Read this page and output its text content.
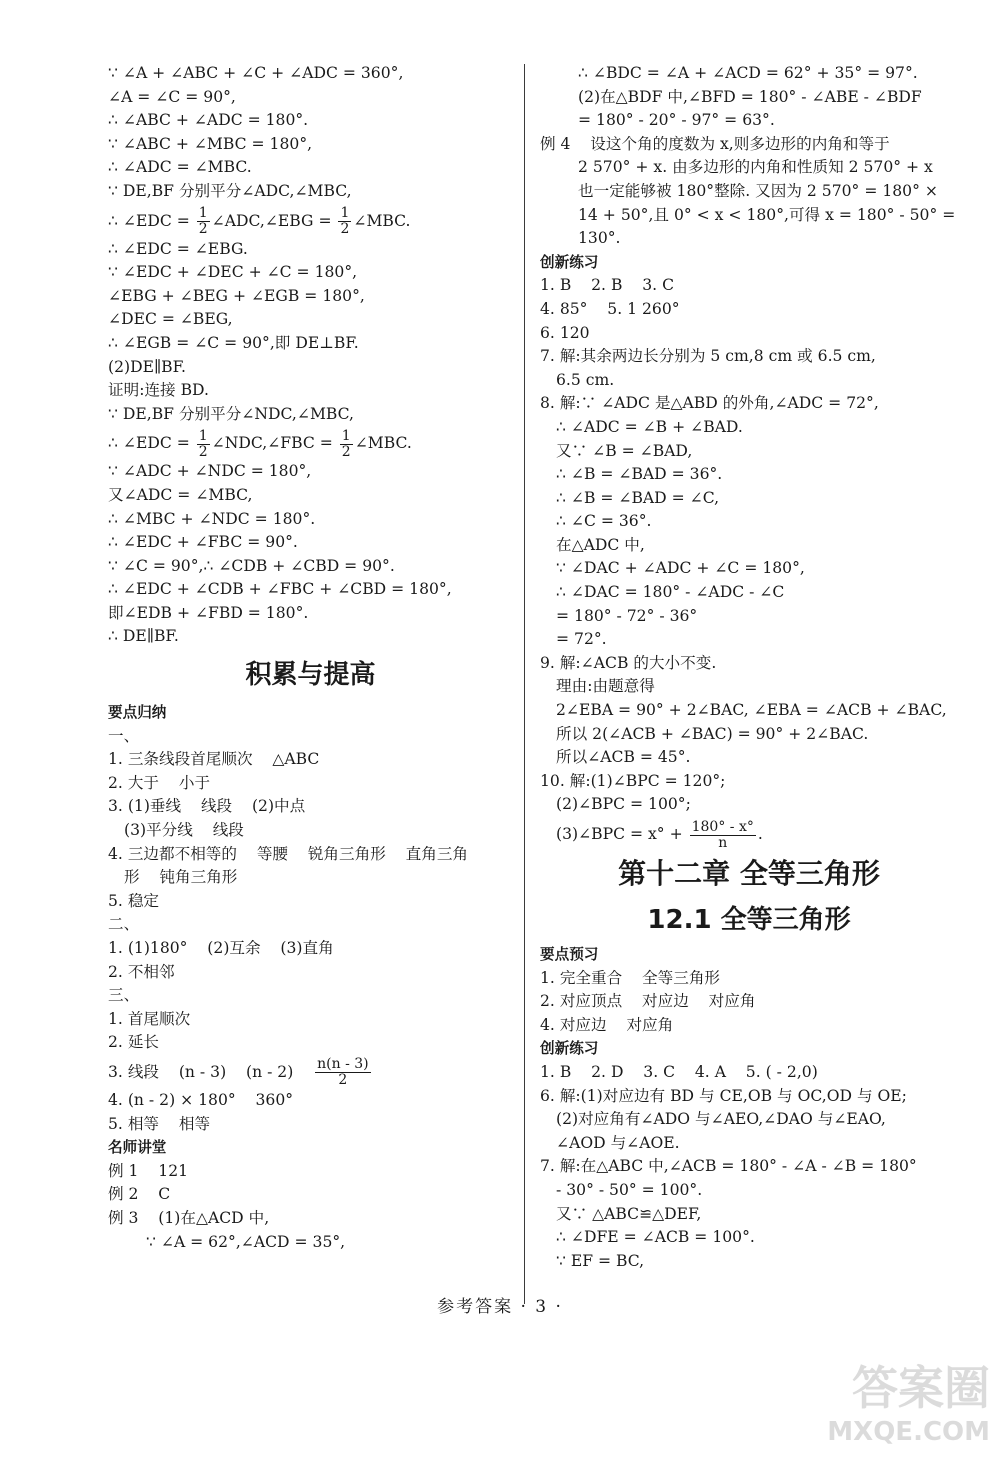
∵ ∠A + ∠ABC + ∠C + ∠ADC = 360°,
∠A = ∠C = 90°,
∴ ∠ABC + ∠ADC = 180°.
∵ ∠ABC + ∠MBC = 180°,
∴ ∠ADC = ∠MBC.
∵ DE,BF 分别平分∠ADC,∠MBC,
∴ ∠EDC = $\frac{1}{2}$ ∠ADC,∠EBG = $\frac{1}{2}$ ∠MBC.
∴ ∠EDC = ∠EBG.
∵ ∠EDC + ∠DEC + ∠C = 180°,
∠EBG + ∠BEG + ∠EGB = 180°,
∠DEC = ∠BEG,
∴ ∠EGB = ∠C = 90°,即 DE⊥BF.
(2)DE∥BF.
证明:连接 BD.
∵ DE,BF 分别平分∠NDC,∠MBC,
∴ ∠EDC = $\frac{1}{2}$ ∠NDC,∠FBC = $\frac{1}{2}$ ∠MBC.
∵ ∠ADC + ∠NDC = 180°,
又∠ADC = ∠MBC,
∴ ∠MBC + ∠NDC = 180°.
∴ ∠EDC + ∠FBC = 90°.
∵ ∠C = 90°,∴ ∠CDB + ∠CBD = 90°.
∴ ∠EDC + ∠CDB + ∠FBC + ∠CBD = 180°,
即∠EDB + ∠FBD = 180°.
∴ DE∥BF.
积累与提高
要点归纳
一、
1. 三条线段首尾顺次    △ABC
2. 大于    小于
3. (1)垂线    线段    (2)中点
(3)平分线    线段
4. 三边都不相等的    等腰    锐角三角形    直角三角
形    钝角三角形
5. 稳定
二、
1. (1)180°    (2)互余    (3)直角
2. 不相邻
三、
1. 首尾顺次
2. 延长
3. 线段    (n - 3)    $(n - 2) \frac{n(n - 3)}{2}$
4. (n - 2) × 180°    360°
5. 相等    相等
名师讲堂
例 1    121
例 2    C
例 3    (1)在△ACD 中,
∵ ∠A = 62°,∠ACD = 35°,
∴ ∠BDC = ∠A + ∠ACD = 62° + 35° = 97°.
(2)在△BDF 中,∠BFD = 180° - ∠ABE - ∠BDF
= 180° - 20° - 97° = 63°.
例 4    设这个角的度数为 x,则多边形的内角和等于
2 570° + x. 由多边形的内角和性质知 2 570° + x
也一定能够被 180°整除. 又因为 2 570° = 180° ×
14 + 50°,且 0° < x < 180°,可得 x = 180° - 50° =
130°.
创新练习
1. B    2. B    3. C
4. 85°    5. 1 260°
6. 120
7. 解:其余两边长分别为 5 cm,8 cm 或 6.5 cm,
6.5 cm.
8. 解:∵ ∠ADC 是△ABD 的外角,∠ADC = 72°,
∴ ∠ADC = ∠B + ∠BAD.
又∵ ∠B = ∠BAD,
∴ ∠B = ∠BAD = 36°.
∴ ∠B = ∠BAD = ∠C,
∴ ∠C = 36°.
在△ADC 中,
∵ ∠DAC + ∠ADC + ∠C = 180°,
∴ ∠DAC = 180° - ∠ADC - ∠C
= 180° - 72° - 36°
= 72°.
9. 解:∠ACB 的大小不变.
理由:由题意得
2∠EBA = 90° + 2∠BAC, ∠EBA = ∠ACB + ∠BAC,
所以 2(∠ACB + ∠BAC) = 90° + 2∠BAC.
所以∠ACB = 45°.
10. 解:(1)∠BPC = 120°;
(2)∠BPC = 100°;
(3)∠BPC = $x^\circ + \frac{180^\circ - x^\circ}{n}$ .
第十二章 全等三角形
12.1 全等三角形
要点预习
1. 完全重合    全等三角形
2. 对应顶点    对应边    对应角
4. 对应边    对应角
创新练习
1. B    2. D    3. C    4. A    5. ( - 2,0)
6. 解:(1)对应边有 BD 与 CE,OB 与 OC,OD 与 OE;
(2)对应角有∠ADO 与∠AEO,∠DAO 与∠EAO,
∠AOD 与∠AOE.
7. 解:在△ABC 中,∠ACB = 180° - ∠A - ∠B = 180°
- 30° - 50° = 100°.
又∵ △ABC≌△DEF,
∴ ∠DFE = ∠ACB = 100°.
∵ EF = BC,
参考答案 · 3 ·
答案圈
MXQE.COM
